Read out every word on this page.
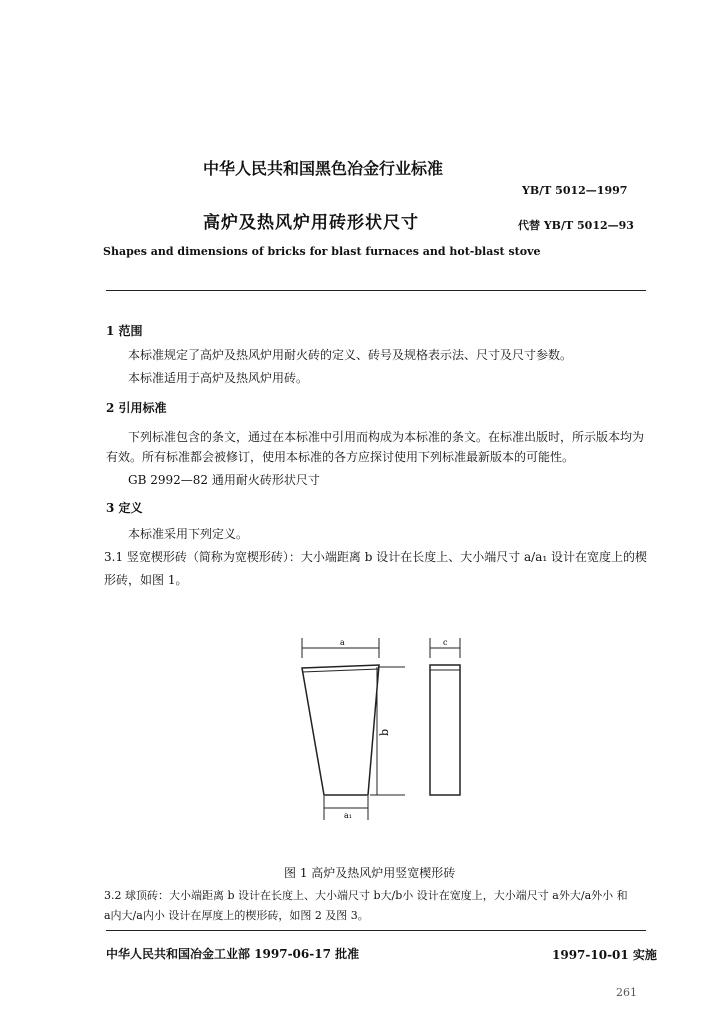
中华人民共和国黑色冶金行业标准
YB/T 5012—1997
高炉及热风炉用砖形状尺寸	代替 YB/T 5012—93
Shapes and dimensions of bricks for blast furnaces and hot-blast stove
1 范围
本标准规定了高炉及热风炉用耐火砖的定义、砖号及规格表示法、尺寸及尺寸参数。
本标准适用于高炉及热风炉用砖。
2 引用标准
下列标准包含的条文，通过在本标准中引用而构成为本标准的条文。在标准出版时，所示版本均为
有效。所有标准都会被修订，使用本标准的各方应探讨使用下列标准最新版本的可能性。
GB 2992—82 通用耐火砖形状尺寸
3 定义
本标准采用下列定义。
3.1 竖宽楔形砖（简称为宽楔形砖）：大小端距离 b 设计在长度上、大小端尺寸 a/a₁ 设计在宽度上的楔
形砖，如图 1。
a
b
a₁
c
图 1 高炉及热风炉用竖宽楔形砖
3.2 球顶砖：大小端距离 b 设计在长度上、大小端尺寸 b大/b小 设计在宽度上，大小端尺寸 a外大/a外小 和
a内大/a内小 设计在厚度上的楔形砖，如图 2 及图 3。
中华人民共和国冶金工业部 1997-06-17 批准	1997-10-01 实施
261
